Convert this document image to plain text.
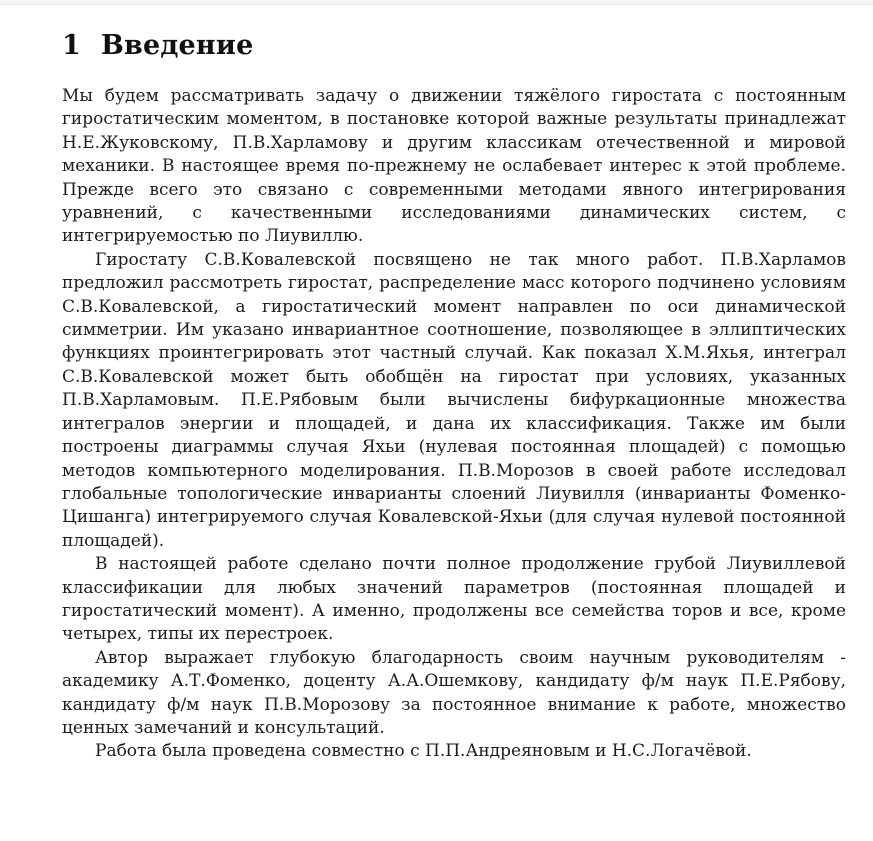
1 Введение

Мы будем рассматривать задачу о движении тяжёлого гиростата с постоянным гиростатическим моментом, в постановке которой важные результаты принадлежат Н.Е.Жуковскому, П.В.Харламову и другим классикам отечественной и мировой механики. В настоящее время по-прежнему не ослабевает интерес к этой проблеме. Прежде всего это связано с современными методами явного интегрирования уравнений, с качественными исследованиями динамических систем, с интегрируемостью по Лиувиллю.

Гиростату С.В.Ковалевской посвящено не так много работ. П.В.Харламов предложил рассмотреть гиростат, распределение масс которого подчинено условиям С.В.Ковалевской, а гиростатический момент направлен по оси динамической симметрии. Им указано инвариантное соотношение, позволяющее в эллиптических функциях проинтегрировать этот частный случай. Как показал Х.М.Яхья, интеграл С.В.Ковалевской может быть обобщён на гиростат при условиях, указанных П.В.Харламовым. П.Е.Рябовым были вычислены бифуркационные множества интегралов энергии и площадей, и дана их классификация. Также им были построены диаграммы случая Яхьи (нулевая постоянная площадей) с помощью методов компьютерного моделирования. П.В.Морозов в своей работе исследовал глобальные топологические инварианты слоений Лиувилля (инварианты Фоменко-Цишанга) интегрируемого случая Ковалевской-Яхьи (для случая нулевой постоянной площадей).

В настоящей работе сделано почти полное продолжение грубой Лиувиллевой классификации для любых значений параметров (постоянная площадей и гиростатический момент). А именно, продолжены все семейства торов и все, кроме четырех, типы их перестроек.

Автор выражает глубокую благодарность своим научным руководителям - академику А.Т.Фоменко, доценту А.А.Ошемкову, кандидату ф/м наук П.Е.Рябову, кандидату ф/м наук П.В.Морозову за постоянное внимание к работе, множество ценных замечаний и консультаций.

Работа была проведена совместно с П.П.Андреяновым и Н.С.Логачёвой.
